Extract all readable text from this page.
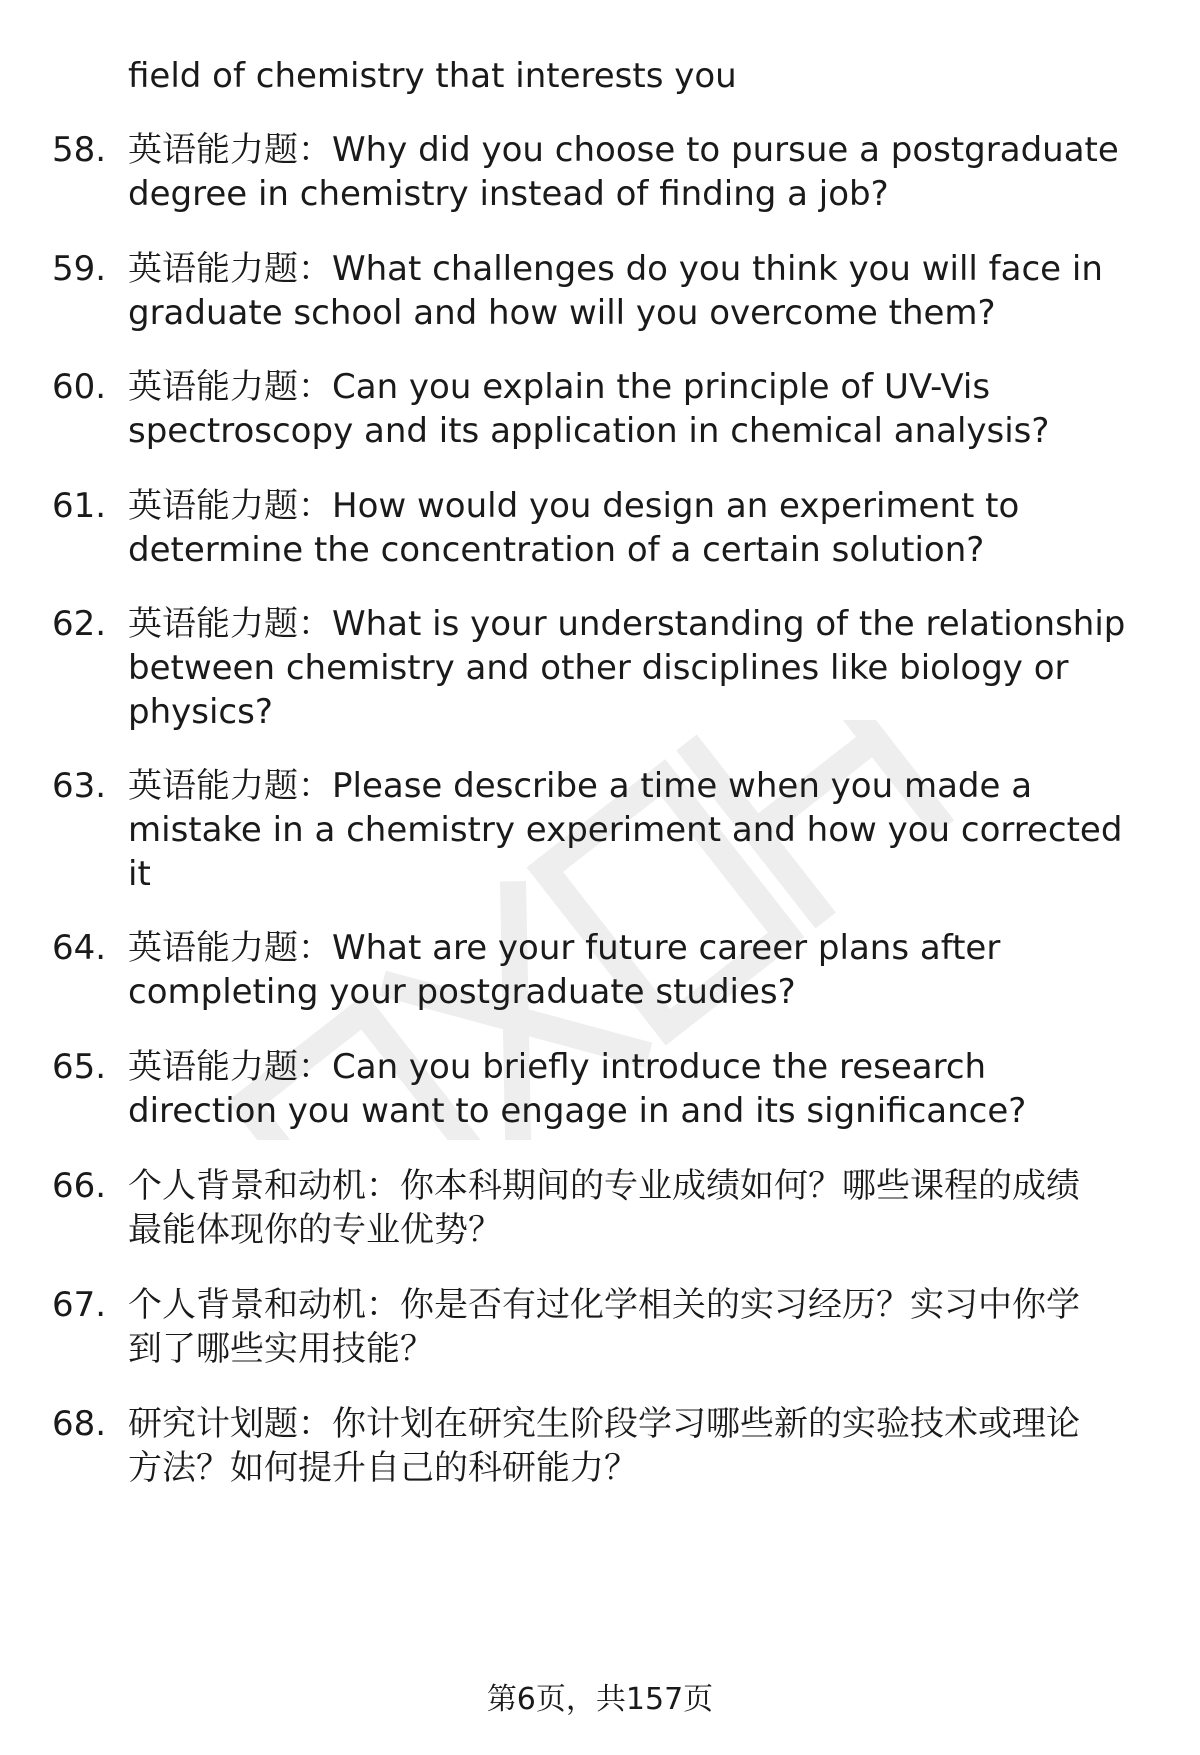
field of chemistry that interests you
58. 英语能力题：Why did you choose to pursue a postgraduate
degree in chemistry instead of finding a job?
59. 英语能力题：What challenges do you think you will face in
graduate school and how will you overcome them?
60. 英语能力题：Can you explain the principle of UV-Vis
spectroscopy and its application in chemical analysis?
61. 英语能力题：How would you design an experiment to
determine the concentration of a certain solution?
62. 英语能力题：What is your understanding of the relationship
between chemistry and other disciplines like biology or
physics?
63. 英语能力题：Please describe a time when you made a
mistake in a chemistry experiment and how you corrected
it
64. 英语能力题：What are your future career plans after
completing your postgraduate studies?
65. 英语能力题：Can you briefly introduce the research
direction you want to engage in and its significance?
66. 个人背景和动机：你本科期间的专业成绩如何？哪些课程的成绩
最能体现你的专业优势？
67. 个人背景和动机：你是否有过化学相关的实习经历？实习中你学
到了哪些实用技能？
68. 研究计划题：你计划在研究生阶段学习哪些新的实验技术或理论
方法？如何提升自己的科研能力？
第6页，共157页
